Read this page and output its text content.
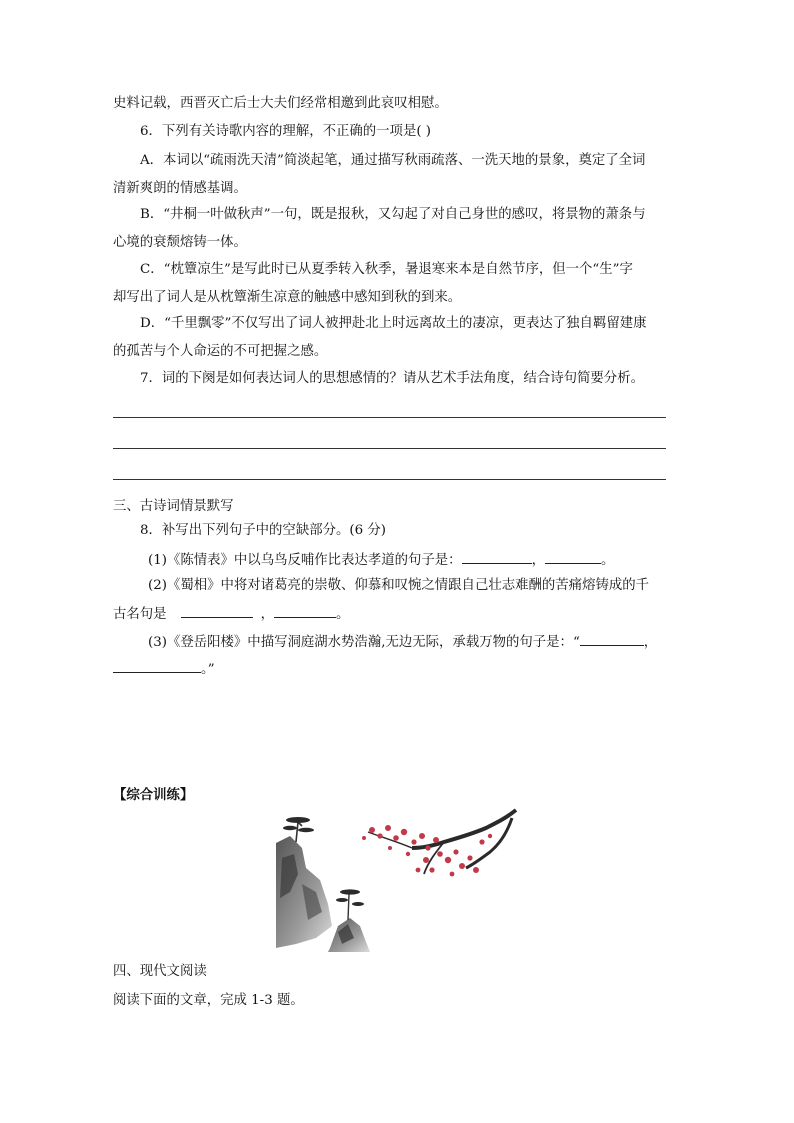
史料记载，西晋灭亡后士大夫们经常相邀到此哀叹相慰。
6．下列有关诗歌内容的理解，不正确的一项是( )
A．本词以“疏雨洗天清”简淡起笔，通过描写秋雨疏落、一洗天地的景象，奠定了全词
清新爽朗的情感基调。
B．“井桐一叶做秋声”一句，既是报秋，又勾起了对自己身世的感叹，将景物的萧条与
心境的衰颓熔铸一体。
C．“枕簟凉生”是写此时已从夏季转入秋季，暑退寒来本是自然节序，但一个“生”字
却写出了词人是从枕簟渐生凉意的触感中感知到秋的到来。
D．“千里飘零”不仅写出了词人被押赴北上时远离故土的凄凉，更表达了独自羁留建康
的孤苦与个人命运的不可把握之感。
7．词的下阕是如何表达词人的思想感情的？请从艺术手法角度，结合诗句简要分析。
三、古诗词情景默写
8．补写出下列句子中的空缺部分。(6 分)
(1)《陈情表》中以乌鸟反哺作比表达孝道的句子是：	，	。
(2)《蜀相》中将对诸葛亮的崇敬、仰慕和叹惋之情跟自己壮志难酬的苦痛熔铸成的千
古名句是	，	。
(3)《登岳阳楼》中描写洞庭湖水势浩瀚,无边无际，承载万物的句子是：“	，
。”
【综合训练】
四、现代文阅读
阅读下面的文章，完成 1-3 题。
